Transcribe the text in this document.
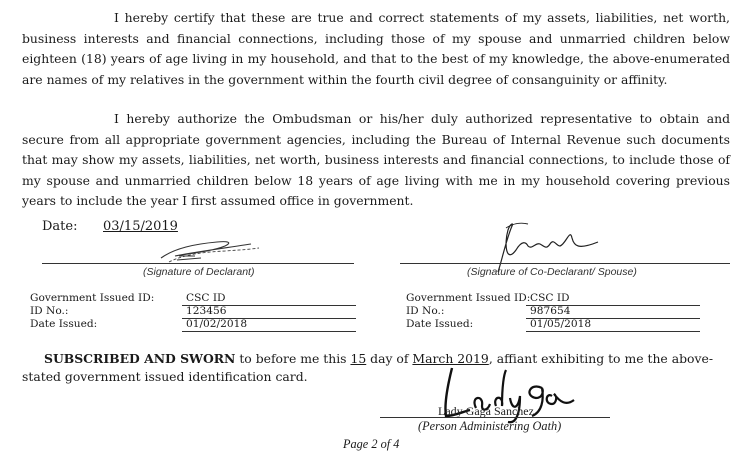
I hereby certify that these are true and correct statements of my assets, liabilities, net worth, business interests and financial connections, including those of my spouse and unmarried children below eighteen (18) years of age living in my household, and that to the best of my knowledge, the above-enumerated are names of my relatives in the government within the fourth civil degree of consanguinity or affinity.

I hereby authorize the Ombudsman or his/her duly authorized representative to obtain and secure from all appropriate government agencies, including the Bureau of Internal Revenue such documents that may show my assets, liabilities, net worth, business interests and financial connections, to include those of my spouse and unmarried children below 18 years of age living with me in my household covering previous years to include the year I first assumed office in government.

Date: 03/15/2019
(Signature of Declarant)	(Signature of Co-Declarant/ Spouse)
Government Issued ID:	CSC ID
ID No.:	123456
Date Issued:	01/02/2018
Government Issued ID: CSC ID
ID No.:	987654
Date Issued:	01/05/2018

SUBSCRIBED AND SWORN to before me this 15 day of March 2019, affiant exhibiting to me the above-stated government issued identification card.

Lady Gaga Sanchez
(Person Administering Oath)
Page 2 of 4
